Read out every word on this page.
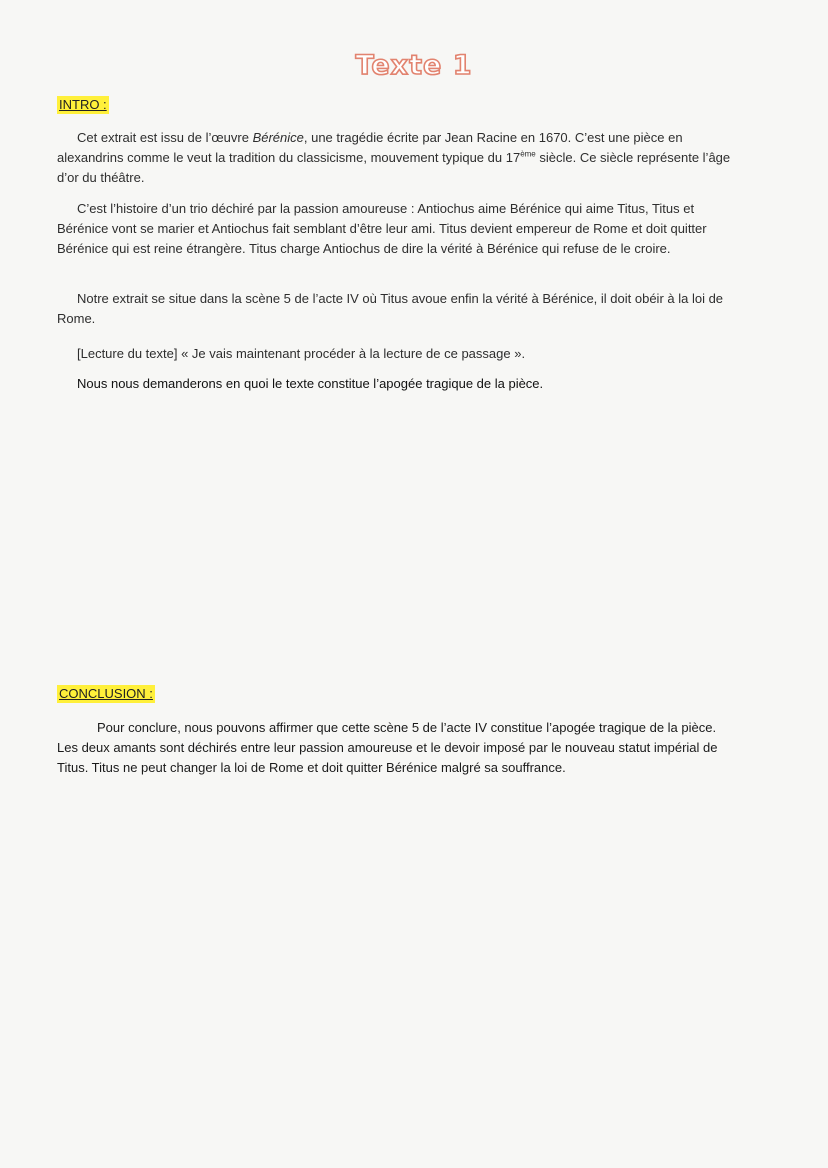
Texte 1
INTRO :

Cet extrait est issu de l’œuvre Bérénice, une tragédie écrite par Jean Racine en 1670. C’est une pièce en alexandrins comme le veut la tradition du classicisme, mouvement typique du 17ème siècle. Ce siècle représente l’âge d’or du théâtre.

C’est l’histoire d’un trio déchiré par la passion amoureuse : Antiochus aime Bérénice qui aime Titus, Titus et Bérénice vont se marier et Antiochus fait semblant d’être leur ami. Titus devient empereur de Rome et doit quitter Bérénice qui est reine étrangère. Titus charge Antiochus de dire la vérité à Bérénice qui refuse de le croire.

Notre extrait se situe dans la scène 5 de l’acte IV où Titus avoue enfin la vérité à Bérénice, il doit obéir à la loi de Rome.

[Lecture du texte] « Je vais maintenant procéder à la lecture de ce passage ».

Nous nous demanderons en quoi le texte constitue l’apogée tragique de la pièce.

CONCLUSION :

Pour conclure, nous pouvons affirmer que cette scène 5 de l’acte IV constitue l’apogée tragique de la pièce. Les deux amants sont déchirés entre leur passion amoureuse et le devoir imposé par le nouveau statut impérial de Titus. Titus ne peut changer la loi de Rome et doit quitter Bérénice malgré sa souffrance.
